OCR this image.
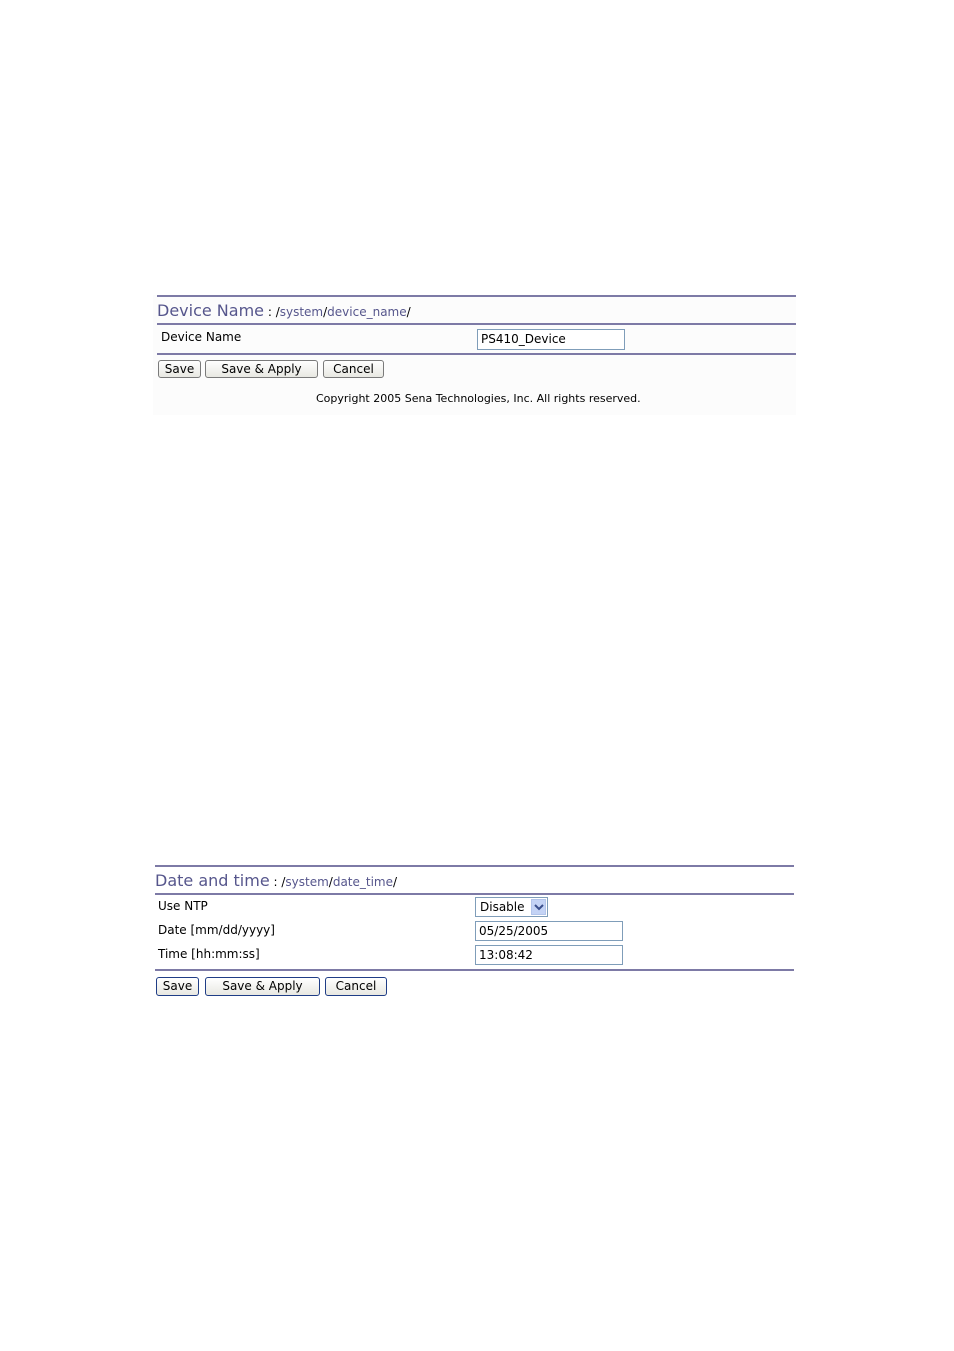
Device Name : /system/device_name/
Device Name	PS410_Device
Save	Save & Apply	Cancel
Copyright 2005 Sena Technologies, Inc. All rights reserved.
Date and time : /system/date_time/
Use NTP	Disable
Date [mm/dd/yyyy]	05/25/2005
Time [hh:mm:ss]	13:08:42
Save	Save & Apply	Cancel
